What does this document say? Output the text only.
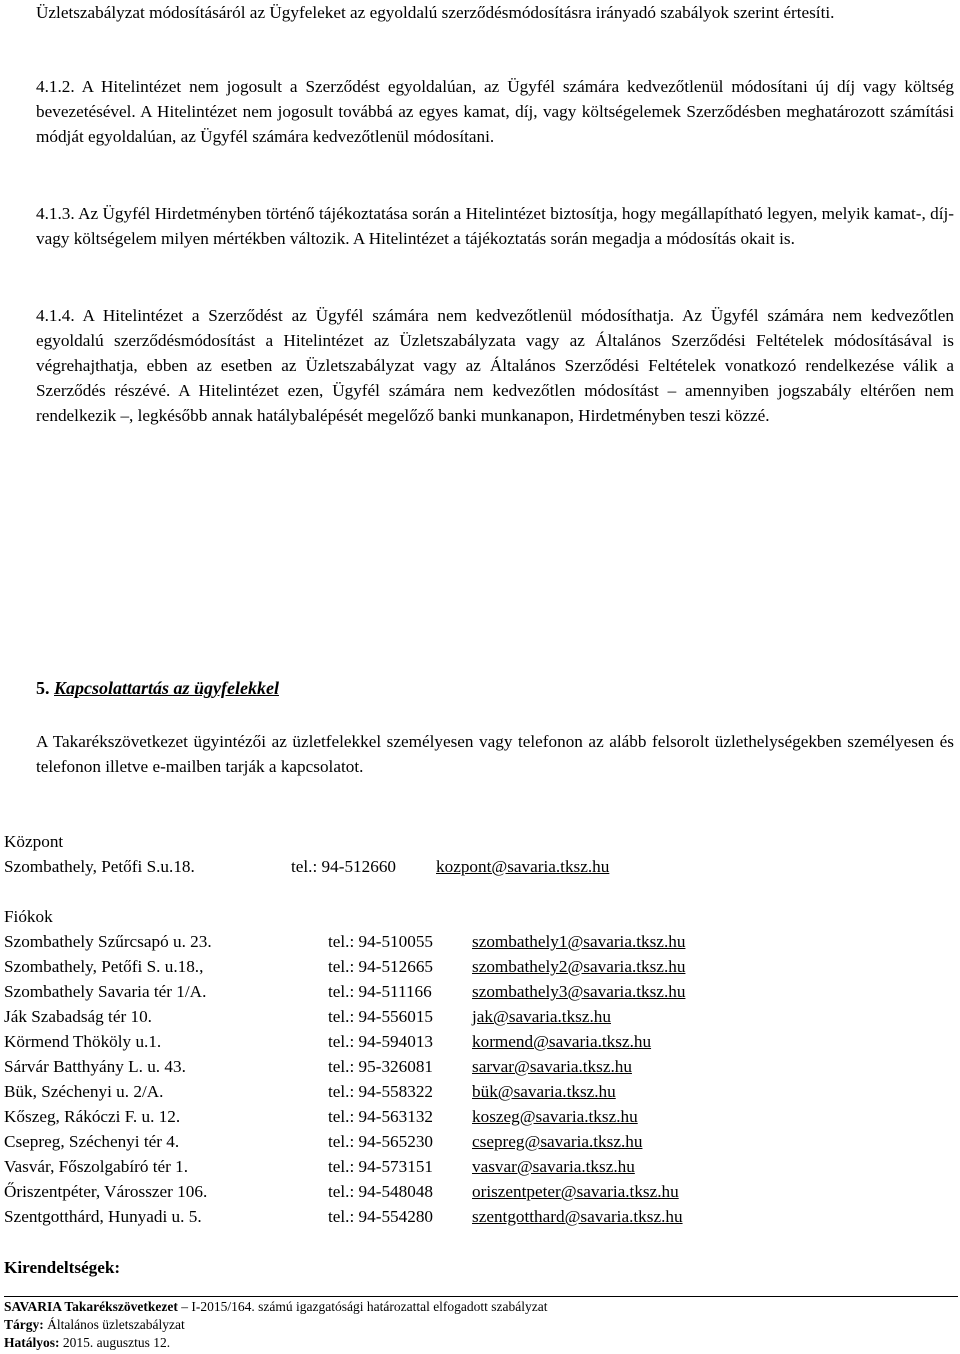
Üzletszabályzat módosításáról az Ügyfeleket az egyoldalú szerződésmódosításra irányadó szabályok szerint értesíti.

4.1.2. A Hitelintézet nem jogosult a Szerződést egyoldalúan, az Ügyfél számára kedvezőtlenül módosítani új díj vagy költség bevezetésével. A Hitelintézet nem jogosult továbbá az egyes kamat, díj, vagy költségelemek Szerződésben meghatározott számítási módját egyoldalúan, az Ügyfél számára kedvezőtlenül módosítani.

4.1.3. Az Ügyfél Hirdetményben történő tájékoztatása során a Hitelintézet biztosítja, hogy megállapítható legyen, melyik kamat-, díj- vagy költségelem milyen mértékben változik. A Hitelintézet a tájékoztatás során megadja a módosítás okait is.

4.1.4. A Hitelintézet a Szerződést az Ügyfél számára nem kedvezőtlenül módosíthatja. Az Ügyfél számára nem kedvezőtlen egyoldalú szerződésmódosítást a Hitelintézet az Üzletszabályzata vagy az Általános Szerződési Feltételek módosításával is végrehajthatja, ebben az esetben az Üzletszabályzat vagy az Általános Szerződési Feltételek vonatkozó rendelkezése válik a Szerződés részévé. A Hitelintézet ezen, Ügyfél számára nem kedvezőtlen módosítást – amennyiben jogszabály eltérően nem rendelkezik –, legkésőbb annak hatálybalépését megelőző banki munkanapon, Hirdetményben teszi közzé.

5. Kapcsolattartás az ügyfelekkel

A Takarékszövetkezet ügyintézői az üzletfelekkel személyesen vagy telefonon az alább felsorolt üzlethelységekben személyesen és telefonon illetve e-mailben tarják a kapcsolatot.

Központ
Szombathely, Petőfi S.u.18.	tel.: 94-512660 kozpont@savaria.tksz.hu
Fiókok
Szombathely Szűrcsapó u. 23.	tel.: 94-510055 szombathely1@savaria.tksz.hu
Szombathely, Petőfi S. u.18.,	tel.: 94-512665 szombathely2@savaria.tksz.hu
Szombathely Savaria tér 1/A.	tel.: 94-511166 szombathely3@savaria.tksz.hu
Ják Szabadság tér 10.	tel.: 94-556015 jak@savaria.tksz.hu
Körmend Thököly u.1.	tel.: 94-594013 kormend@savaria.tksz.hu
Sárvár Batthyány L. u. 43.	tel.: 95-326081 sarvar@savaria.tksz.hu
Bük, Széchenyi u. 2/A.	tel.: 94-558322 bük@savaria.tksz.hu
Kőszeg, Rákóczi F. u. 12.	tel.: 94-563132 koszeg@savaria.tksz.hu
Csepreg, Széchenyi tér 4.	tel.: 94-565230 csepreg@savaria.tksz.hu
Vasvár, Főszolgabíró tér 1.	tel.: 94-573151 vasvar@savaria.tksz.hu
Őriszentpéter, Városszer 106.	tel.: 94-548048 oriszentpeter@savaria.tksz.hu
Szentgotthárd, Hunyadi u. 5.	tel.: 94-554280 szentgotthard@savaria.tksz.hu
Kirendeltségek:
SAVARIA Takarékszövetkezet – I-2015/164. számú igazgatósági határozattal elfogadott szabályzat
Tárgy: Általános üzletszabályzat
Hatályos: 2015. augusztus 12.
